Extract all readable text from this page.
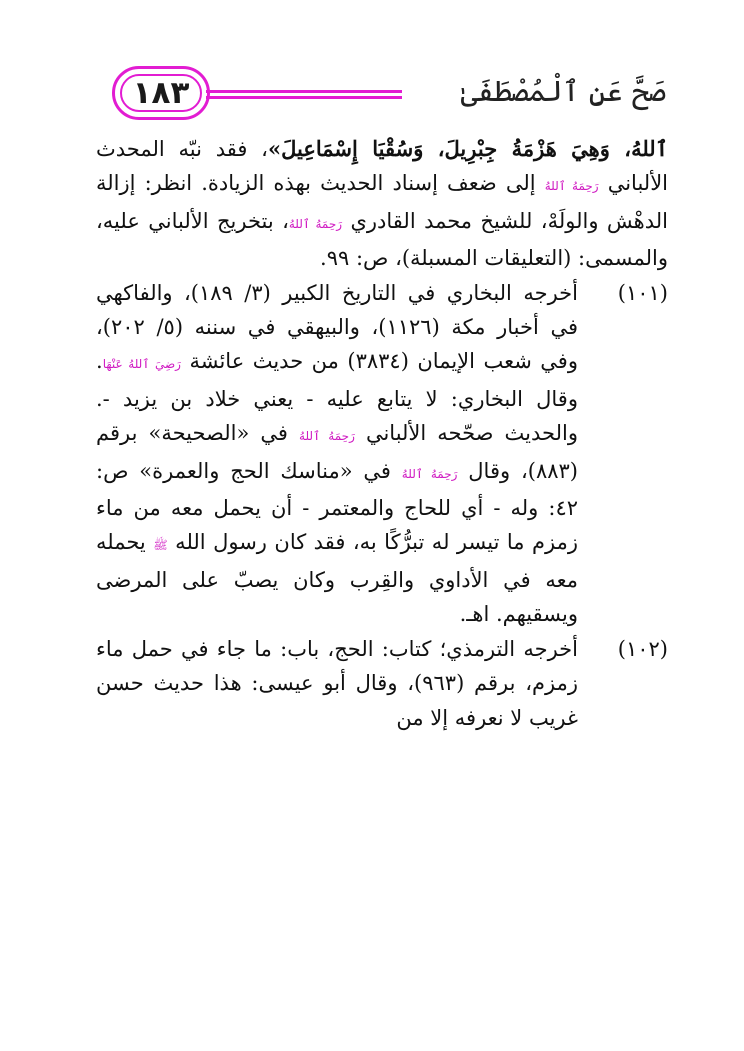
١٨٣	صَحَّ عَنِ ٱلْمُصْطَفَىٰ

ٱللهُ، وَهِيَ هَزْمَةُ جِبْرِيلَ، وَسُقْيَا إِسْمَاعِيلَ»، فقد نبّه المحدث الألباني رَحِمَهُ ٱللهُ إلى ضعف إسناد الحديث بهذه الزيادة. انظر: إزالة الدهْش والولَهْ، للشيخ محمد القادري رَحِمَهُ ٱللهُ، بتخريج الألباني عليه، والمسمى: (التعليقات المسبلة)، ص: ٩٩.

(١٠١)
أخرجه البخاري في التاريخ الكبير (٣/ ١٨٩)، والفاكهي في أخبار مكة (١١٢٦)، والبيهقي في سننه (٥/ ٢٠٢)، وفي شعب الإيمان (٣٨٣٤) من حديث عائشة رَضِيَ ٱللهُ عَنْهَا. وقال البخاري: لا يتابع عليه - يعني خلاد بن يزيد -. والحديث صحّحه الألباني رَحِمَهُ ٱللهُ في «الصحيحة» برقم (٨٨٣)، وقال رَحِمَهُ ٱللهُ في «مناسك الحج والعمرة» ص: ٤٢: وله - أي للحاج والمعتمر - أن يحمل معه من ماء زمزم ما تيسر له تبرُّكًا به، فقد كان رسول الله ﷺ يحمله معه في الأداوي والقِرب وكان يصبّ على المرضى ويسقيهم. اهـ.
(١٠٢)
أخرجه الترمذي؛ كتاب: الحج، باب: ما جاء في حمل ماء زمزم، برقم (٩٦٣)، وقال أبو عيسى: هذا حديث حسن غريب لا نعرفه إلا من
